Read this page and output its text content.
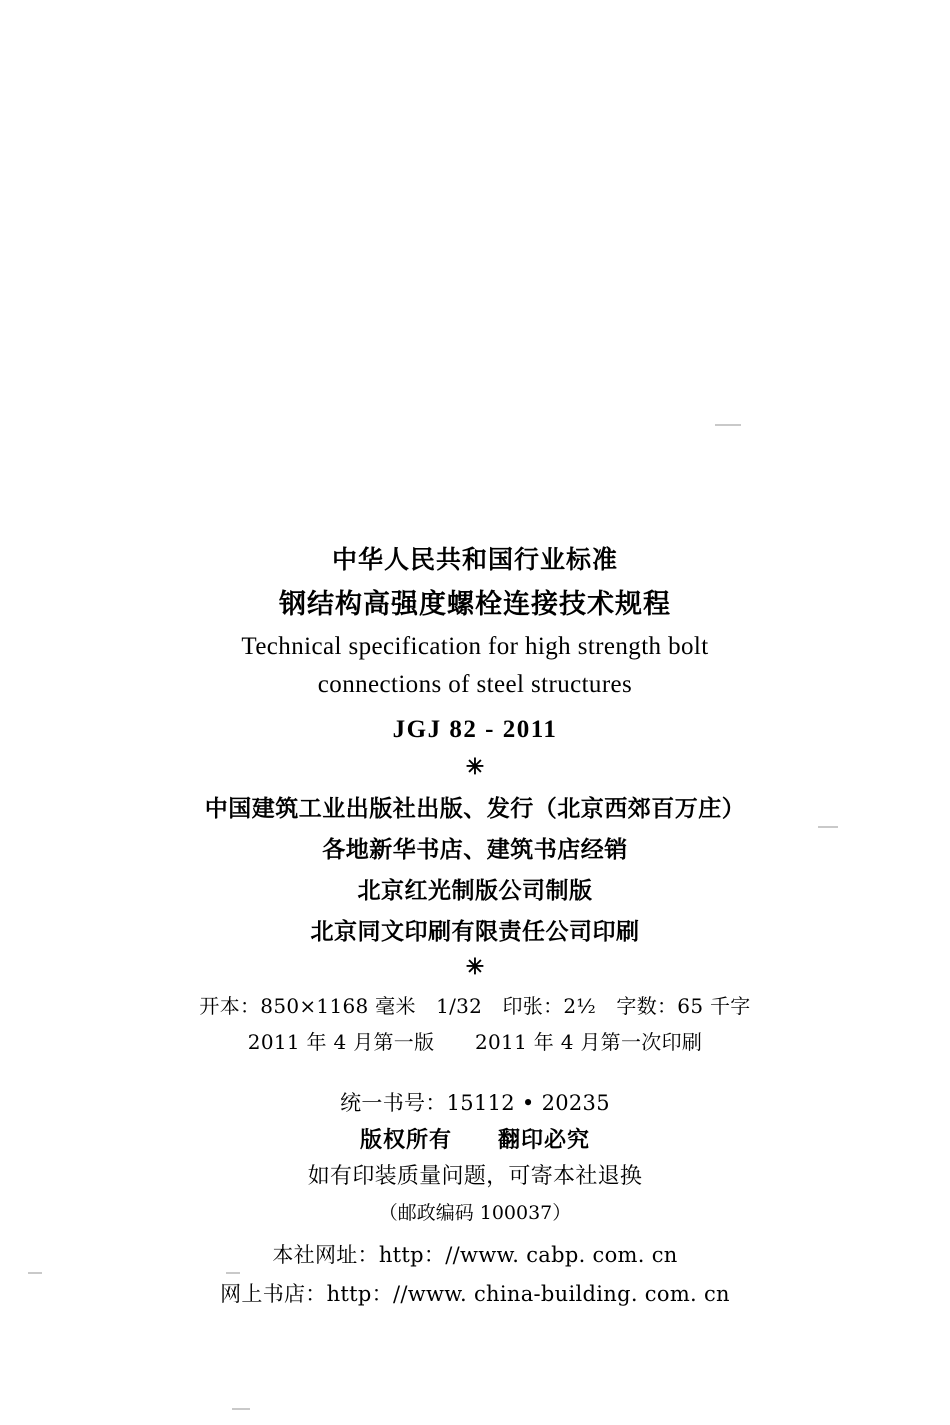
中华人民共和国行业标准
钢结构高强度螺栓连接技术规程
Technical specification for high strength bolt
connections of steel structures
JGJ 82 - 2011
✳
中国建筑工业出版社出版、发行（北京西郊百万庄）
各地新华书店、建筑书店经销
北京红光制版公司制版
北京同文印刷有限责任公司印刷
✳
开本：850×1168 毫米　1/32　印张：2½　字数：65 千字
2011 年 4 月第一版　　2011 年 4 月第一次印刷
统一书号：15112 • 20235
版权所有　　翻印必究
如有印装质量问题，可寄本社退换
（邮政编码 100037）
本社网址：http：//www. cabp. com. cn
网上书店：http：//www. china-building. com. cn
